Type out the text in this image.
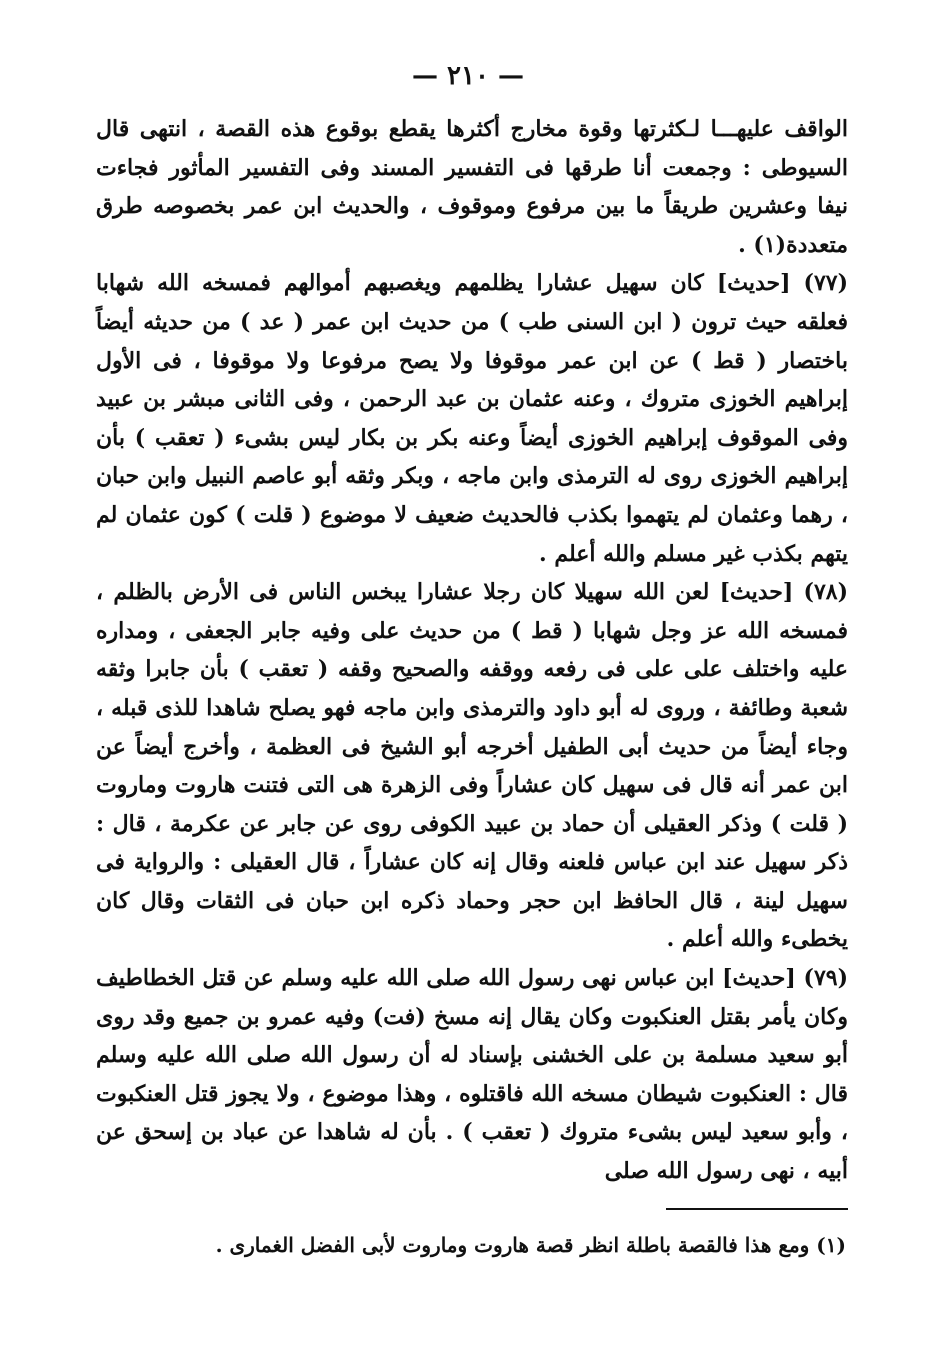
— ٢١٠ —

الواقف عليهـــا لـكثرتها وقوة مخارج أكثرها يقطع بوقوع هذه القصة ، انتهى قال السيوطى : وجمعت أنا طرقها فى التفسير المسند وفى التفسير المأثور فجاءت نيفا وعشرين طريقاً ما بين مرفوع وموقوف ، والحديث ابن عمر بخصوصه طرق متعددة(١) .

(٧٧) [حديث] كان سهيل عشارا يظلمهم ويغصبهم أموالهم فمسخه الله شهابا فعلقه حيث ترون ( ابن السنى طب ) من حديث ابن عمر ( عد ) من حديثه أيضاً باختصار ( قط ) عن ابن عمر موقوفا ولا يصح مرفوعا ولا موقوفا ، فى الأول إبراهيم الخوزى متروك ، وعنه عثمان بن عبد الرحمن ، وفى الثانى مبشر بن عبيد وفى الموقوف إبراهيم الخوزى أيضاً وعنه بكر بن بكار ليس بشىء ( تعقب ) بأن إبراهيم الخوزى روى له الترمذى وابن ماجه ، وبكر وثقه أبو عاصم النبيل وابن حبان ، رهما وعثمان لم يتهموا بكذب فالحديث ضعيف لا موضوع ( قلت ) كون عثمان لم يتهم بكذب غير مسلم والله أعلم .

(٧٨) [حديث] لعن الله سهيلا كان رجلا عشارا يبخس الناس فى الأرض بالظلم ، فمسخه الله عز وجل شهابا ( قط ) من حديث على وفيه جابر الجعفى ، ومداره عليه واختلف على على فى رفعه ووقفه والصحيح وقفه ( تعقب ) بأن جابرا وثقه شعبة وطائفة ، وروى له أبو داود والترمذى وابن ماجه فهو يصلح شاهدا للذى قبله ، وجاء أيضاً من حديث أبى الطفيل أخرجه أبو الشيخ فى العظمة ، وأخرج أيضاً عن ابن عمر أنه قال فى سهيل كان عشاراً وفى الزهرة هى التى فتنت هاروت وماروت ( قلت ) وذكر العقيلى أن حماد بن عبيد الكوفى روى عن جابر عن عكرمة ، قال : ذكر سهيل عند ابن عباس فلعنه وقال إنه كان عشاراً ، قال العقيلى : والرواية فى سهيل لينة ، قال الحافظ ابن حجر وحماد ذكره ابن حبان فى الثقات وقال كان يخطىء والله أعلم .

(٧٩) [حديث] ابن عباس نهى رسول الله صلى الله عليه وسلم عن قتل الخطاطيف وكان يأمر بقتل العنكبوت وكان يقال إنه مسخ (فت) وفيه عمرو بن جميع وقد روى أبو سعيد مسلمة بن على الخشنى بإسناد له أن رسول الله صلى الله عليه وسلم قال : العنكبوت شيطان مسخه الله فاقتلوه ، وهذا موضوع ، ولا يجوز قتل العنكبوت ، وأبو سعيد ليس بشىء متروك ( تعقب ) . بأن له شاهدا عن عباد بن إسحق عن أبيه ، نهى رسول الله صلى

(١) ومع هذا فالقصة باطلة انظر قصة هاروت وماروت لأبى الفضل الغمارى .
